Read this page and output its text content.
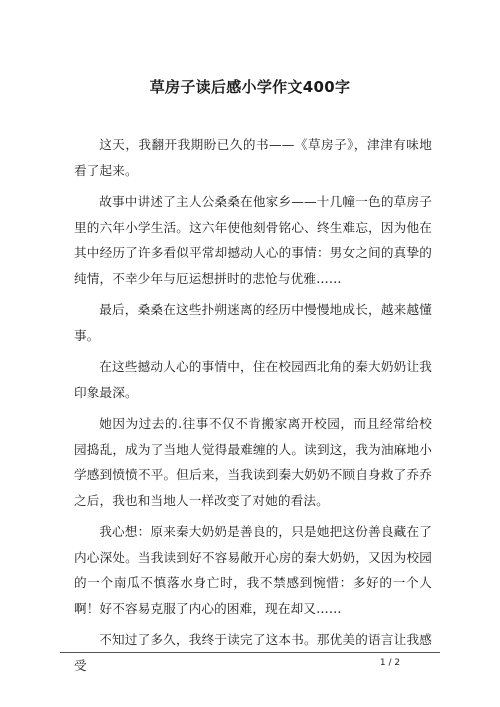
草房子读后感小学作文400字

这天，我翻开我期盼已久的书——《草房子》，津津有味地看了起来。

故事中讲述了主人公桑桑在他家乡——十几幢一色的草房子里的六年小学生活。这六年使他刻骨铭心、终生难忘，因为他在其中经历了许多看似平常却撼动人心的事情：男女之间的真挚的纯情，不幸少年与厄运想拼时的悲怆与优雅……

最后，桑桑在这些扑朔迷离的经历中慢慢地成长，越来越懂事。

在这些撼动人心的事情中，住在校园西北角的秦大奶奶让我印象最深。

她因为过去的.往事不仅不肯搬家离开校园，而且经常给校园捣乱，成为了当地人觉得最难缠的人。读到这，我为油麻地小学感到愤愤不平。但后来，当我读到秦大奶奶不顾自身救了乔乔之后，我也和当地人一样改变了对她的看法。

我心想：原来秦大奶奶是善良的，只是她把这份善良藏在了内心深处。当我读到好不容易敞开心房的秦大奶奶，又因为校园的一个南瓜不慎落水身亡时，我不禁感到惋惜：多好的一个人啊！好不容易克服了内心的困难，现在却又……

不知过了多久，我终于读完了这本书。那优美的语言让我感受	1 / 2
